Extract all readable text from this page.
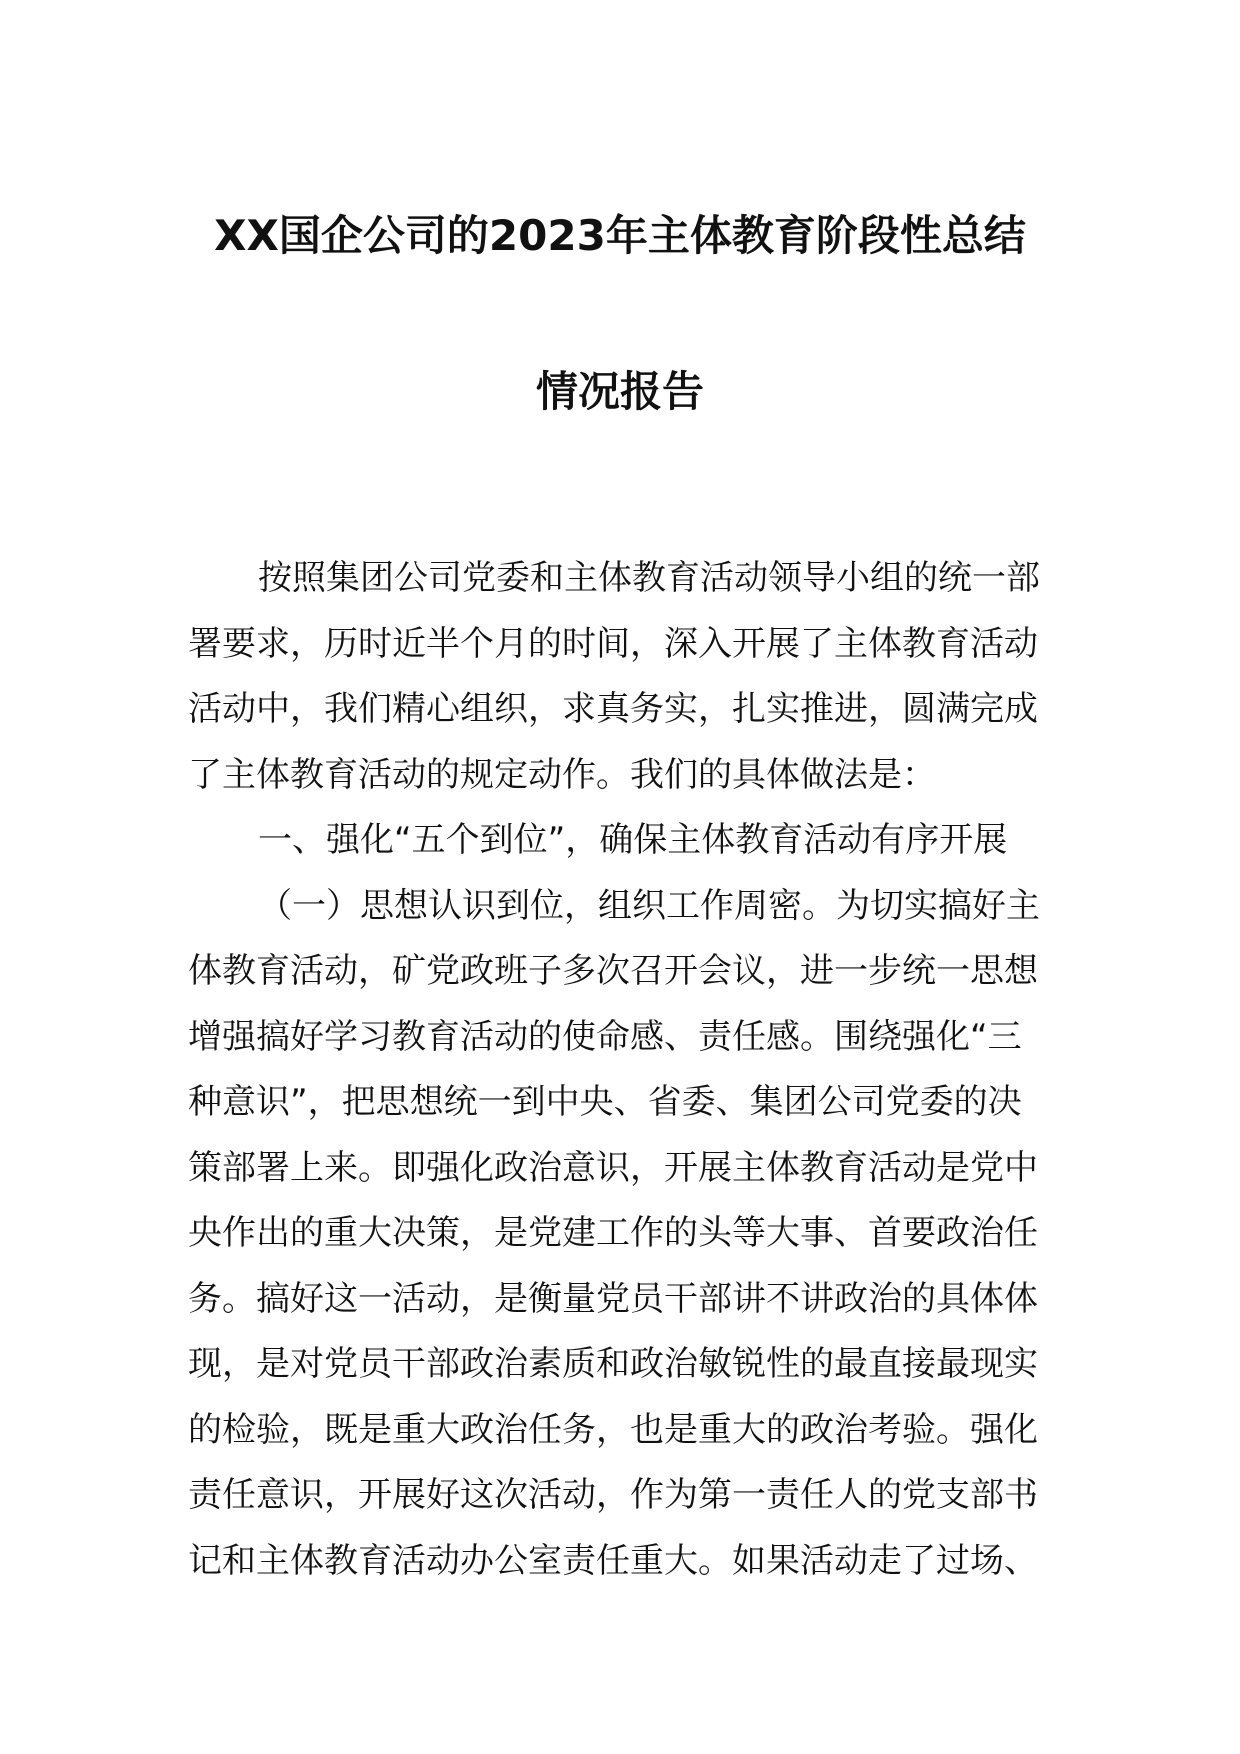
XX国企公司的2023年主体教育阶段性总结
情况报告
按照集团公司党委和主体教育活动领导小组的统一部
署要求，历时近半个月的时间，深入开展了主体教育活动
活动中，我们精心组织，求真务实，扎实推进，圆满完成
了主体教育活动的规定动作。我们的具体做法是：
一、强化“五个到位”，确保主体教育活动有序开展
（一）思想认识到位，组织工作周密。为切实搞好主
体教育活动，矿党政班子多次召开会议，进一步统一思想
增强搞好学习教育活动的使命感、责任感。围绕强化“三
种意识”，把思想统一到中央、省委、集团公司党委的决
策部署上来。即强化政治意识，开展主体教育活动是党中
央作出的重大决策，是党建工作的头等大事、首要政治任
务。搞好这一活动，是衡量党员干部讲不讲政治的具体体
现，是对党员干部政治素质和政治敏锐性的最直接最现实
的检验，既是重大政治任务，也是重大的政治考验。强化
责任意识，开展好这次活动，作为第一责任人的党支部书
记和主体教育活动办公室责任重大。如果活动走了过场、
